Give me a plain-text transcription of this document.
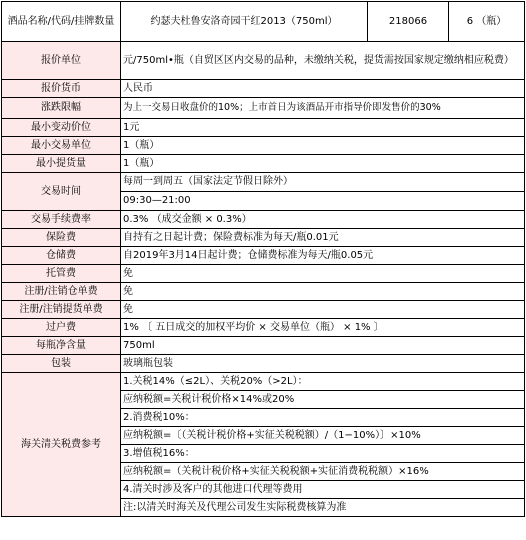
酒品名称/代码/挂牌数量	约瑟夫杜鲁安洛奇园干红2013（750ml）	218066	6 （瓶）
报价单位	元/750ml•瓶（自贸区区内交易的品种，未缴纳关税，提货需按国家规定缴纳相应税费）		
报价货币	人民币		
涨跌限幅	为上一交易日收盘价的10%；上市首日为该酒品开市指导价即发售价的30%		
最小变动价位	1元		
最小交易单位	1（瓶）		
最小提货量	1（瓶）		
交易时间	每周一到周五（国家法定节假日除外）		
	09:30—21:00		
交易手续费率	0.3% （成交金额 × 0.3%）		
保险费	自持有之日起计费；保险费标准为每天/瓶0.01元		
仓储费	自2019年3月14日起计费；仓储费标准为每天/瓶0.05元		
托管费	免		
注册/注销仓单费	免		
注册/注销提货单费	免		
过户费	1% 〔 五日成交的加权平均价 × 交易单位（瓶） × 1% 〕		
每瓶净含量	750ml		
包装	玻璃瓶包装		
海关清关税费参考	1.关税14%（≤2L）、关税20%（>2L）：		
	应纳税额=关税计税价格×14%或20%		
	2.消费税10%：		
	应纳税额=〔（关税计税价格+实征关税税额）/（1−10%）〕×10%		
	3.增值税16%：		
	应纳税额=（关税计税价格+实征关税税额+实征消费税税额）×16%		
	4.清关时涉及客户的其他进口代理等费用		
	注:以清关时海关及代理公司发生实际税费核算为准		
